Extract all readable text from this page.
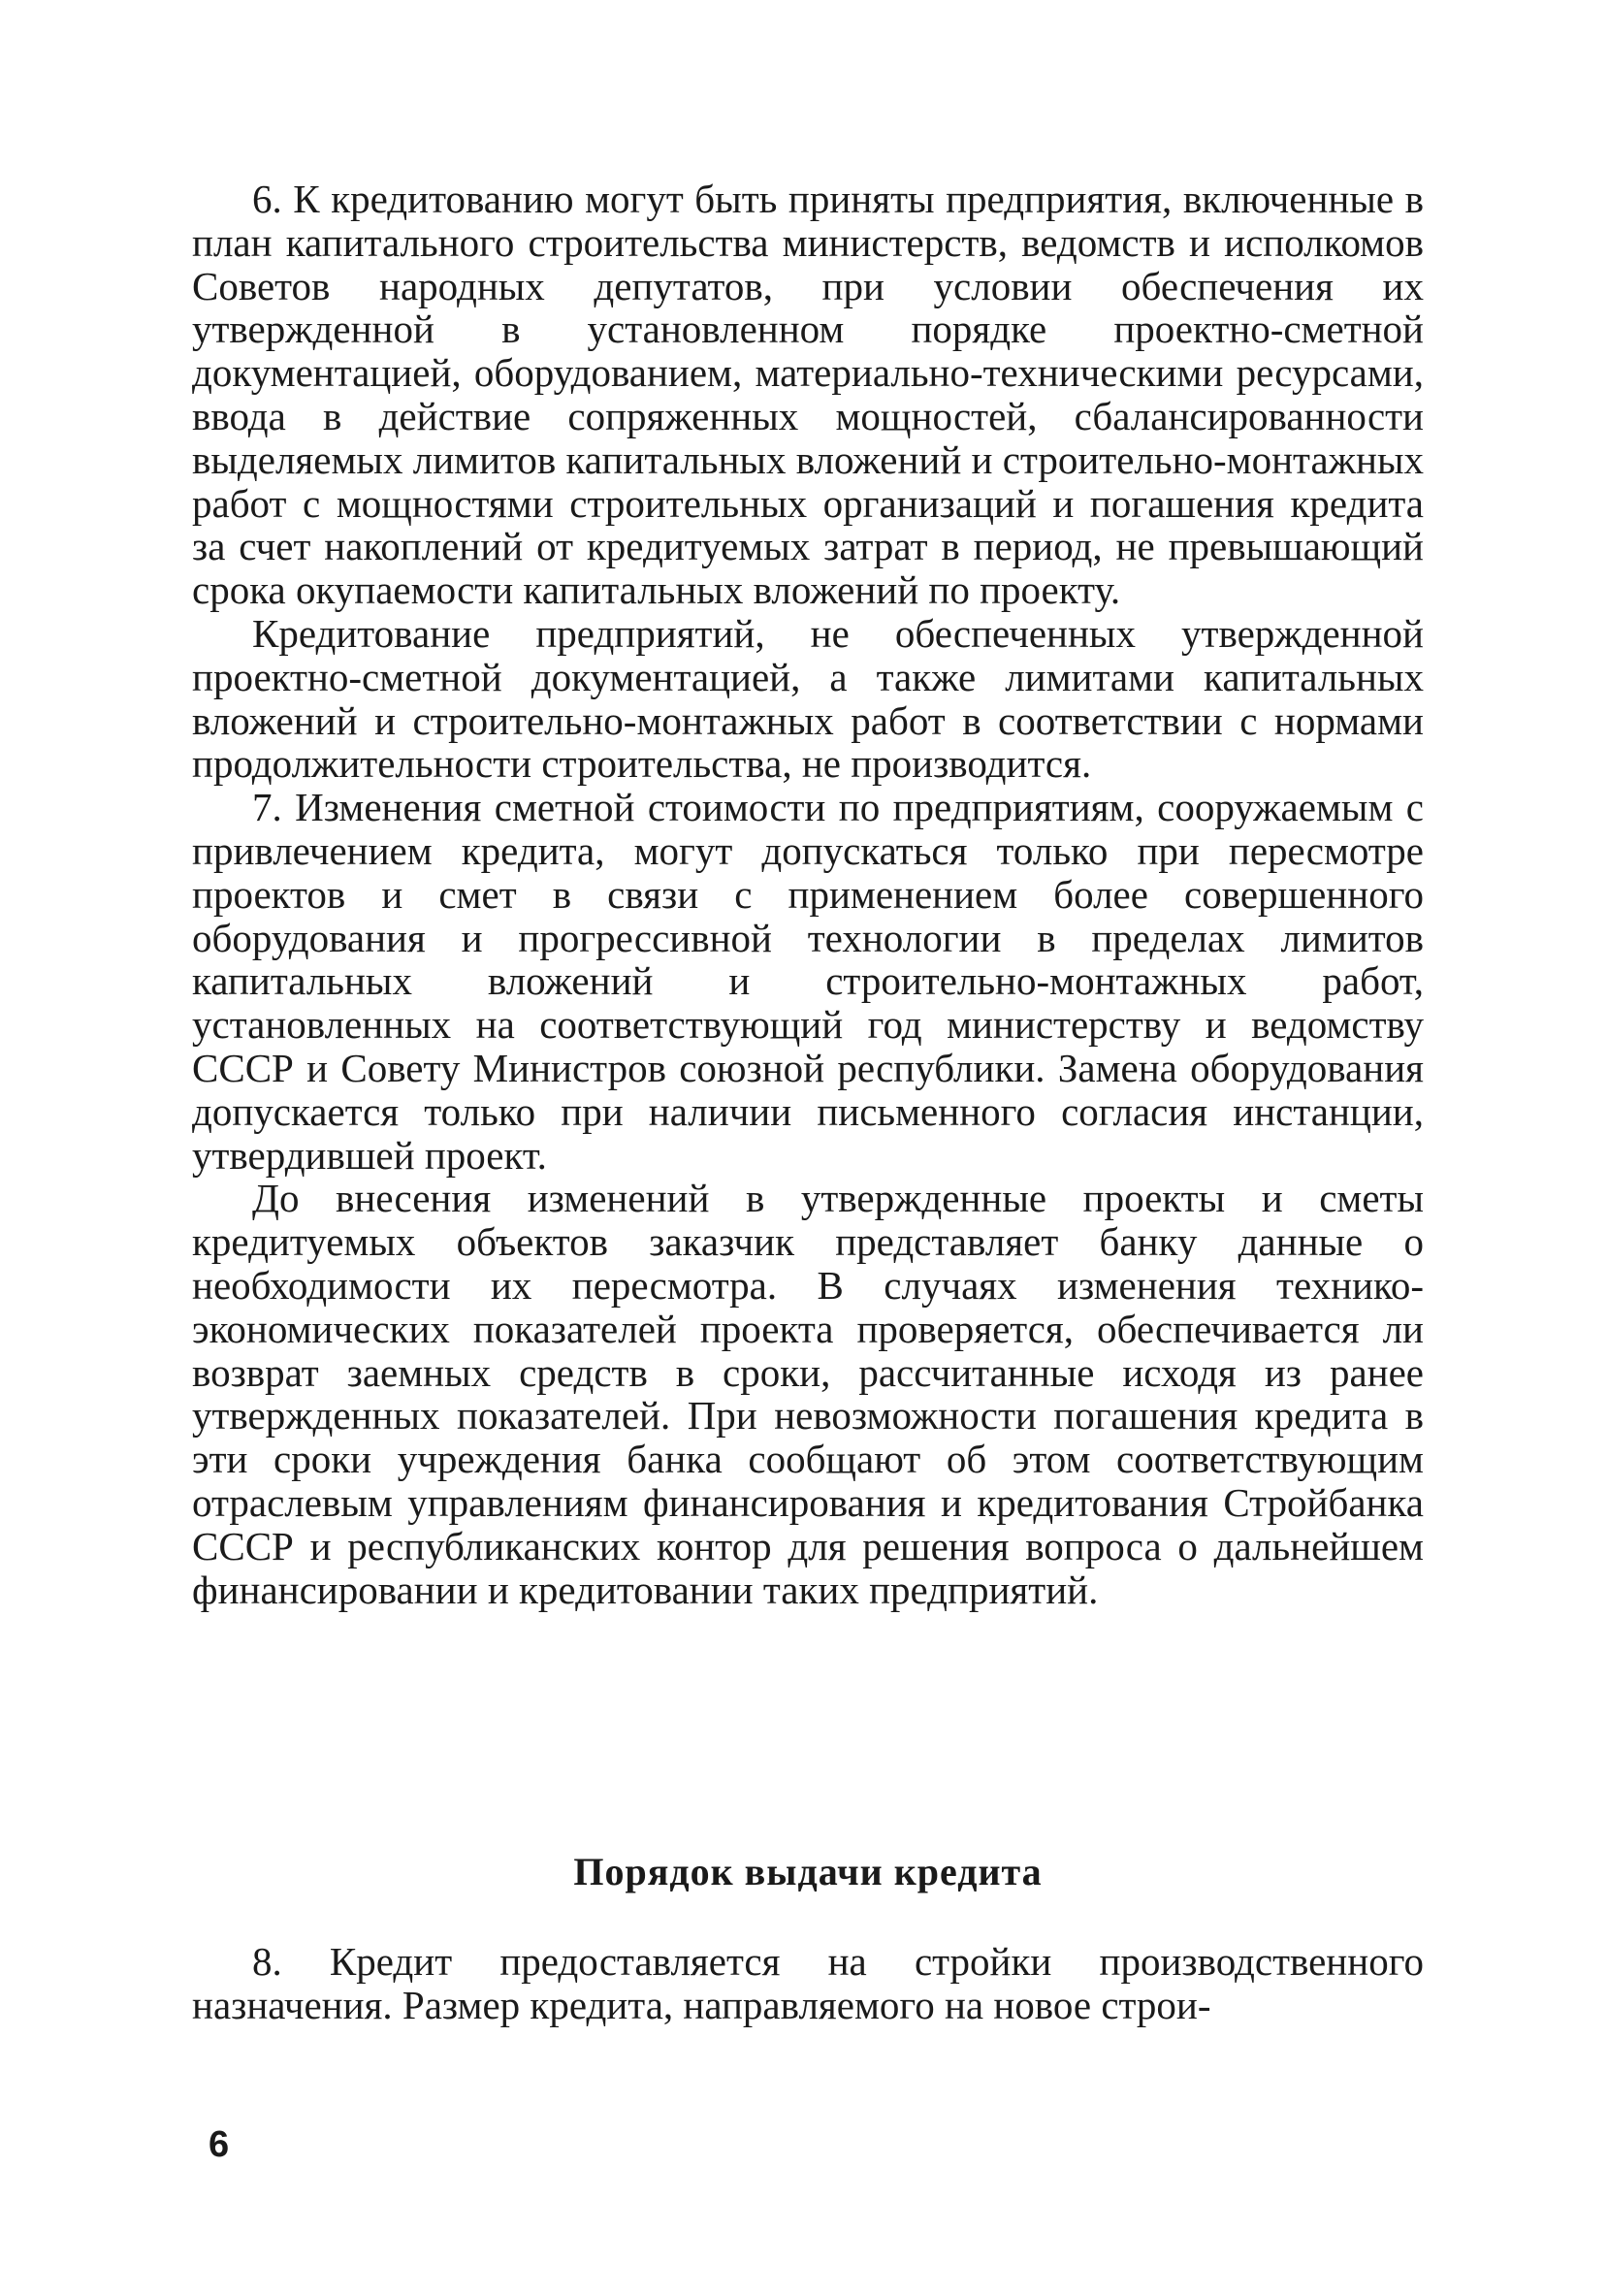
6. К кредитованию могут быть приняты предприятия, включенные в план капитального строительства министерств, ведомств и исполкомов Советов народных депутатов, при условии обеспечения их утвержденной в установленном порядке проектно-сметной документацией, оборудованием, материально-техническими ресурсами, ввода в действие сопряженных мощностей, сбалансированности выделяемых лимитов капитальных вложений и строительно-монтажных работ с мощностями строительных организаций и погашения кредита за счет накоплений от кредитуемых затрат в период, не превышающий срока окупаемости капитальных вложений по проекту.

Кредитование предприятий, не обеспеченных утвержденной проектно-сметной документацией, а также лимитами капитальных вложений и строительно-монтажных работ в соответствии с нормами продолжительности строительства, не производится.

7. Изменения сметной стоимости по предприятиям, сооружаемым с привлечением кредита, могут допускаться только при пересмотре проектов и смет в связи с применением более совершенного оборудования и прогрессивной технологии в пределах лимитов капитальных вложений и строительно-монтажных работ, установленных на соответствующий год министерству и ведомству СССР и Совету Министров союзной республики. Замена оборудования допускается только при наличии письменного согласия инстанции, утвердившей проект.

До внесения изменений в утвержденные проекты и сметы кредитуемых объектов заказчик представляет банку данные о необходимости их пересмотра. В случаях изменения технико-экономических показателей проекта проверяется, обеспечивается ли возврат заемных средств в сроки, рассчитанные исходя из ранее утвержденных показателей. При невозможности погашения кредита в эти сроки учреждения банка сообщают об этом соответствующим отраслевым управлениям финансирования и кредитования Стройбанка СССР и республиканских контор для решения вопроса о дальнейшем финансировании и кредитовании таких предприятий.

Порядок выдачи кредита

8. Кредит предоставляется на стройки производственного назначения. Размер кредита, направляемого на новое строи-

6
